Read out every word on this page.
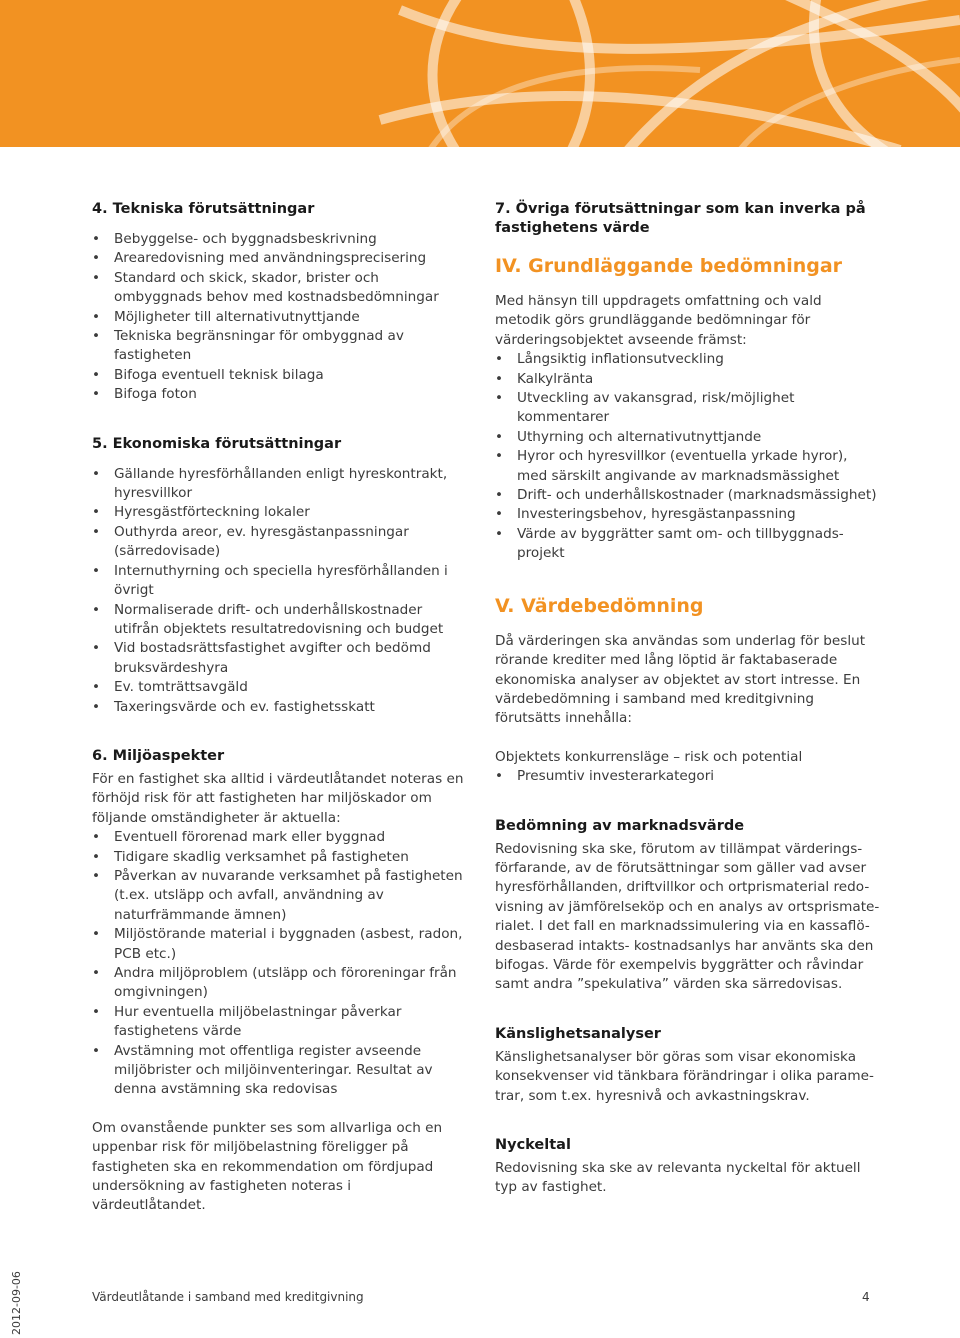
4. Tekniska förutsättningar
• Bebyggelse- och byggnadsbeskrivning
• Arearedovisning med användningsprecisering
• Standard och skick, skador, brister och ombyggnads behov med kostnadsbedömningar
• Möjligheter till alternativutnyttjande
• Tekniska begränsningar för ombyggnad av fastigheten
• Bifoga eventuell teknisk bilaga
• Bifoga foton
5. Ekonomiska förutsättningar
• Gällande hyresförhållanden enligt hyreskontrakt, hyresvillkor
• Hyresgästförteckning lokaler
• Outhyrda areor, ev. hyresgästanpassningar (särredovisade)
• Internuthyrning och speciella hyresförhållanden i övrigt
• Normaliserade drift- och underhållskostnader utifrån objektets resultatredovisning och budget
• Vid bostadsrättsfastighet avgifter och bedömd bruksvärdeshyra
• Ev. tomträttsavgäld
• Taxeringsvärde och ev. fastighetsskatt
6. Miljöaspekter

För en fastighet ska alltid i värdeutlåtandet noteras en förhöjd risk för att fastigheten har miljöskador om följande omständigheter är aktuella:

• Eventuell förorenad mark eller byggnad
• Tidigare skadlig verksamhet på fastigheten
• Påverkan av nuvarande verksamhet på fastigheten (t.ex. utsläpp och avfall, användning av naturfrämmande ämnen)
• Miljöstörande material i byggnaden (asbest, radon, PCB etc.)
• Andra miljöproblem (utsläpp och föroreningar från omgivningen)
• Hur eventuella miljöbelastningar påverkar fastighetens värde
• Avstämning mot offentliga register avseende miljöbrister och miljöinventeringar. Resultat av denna avstämning ska redovisas

Om ovanstående punkter ses som allvarliga och en uppenbar risk för miljöbelastning föreligger på fastigheten ska en rekommendation om fördjupad undersökning av fastigheten noteras i värdeutlåtandet.

7. Övriga förutsättningar som kan inverka på fastighetens värde
IV. Grundläggande bedömningar

Med hänsyn till uppdragets omfattning och vald metodik görs grundläggande bedömningar för värderingsobjektet avseende främst:

• Långsiktig inflationsutveckling
• Kalkylränta
• Utveckling av vakansgrad, risk/möjlighet kommentarer
• Uthyrning och alternativutnyttjande
• Hyror och hyresvillkor (eventuella yrkade hyror), med särskilt angivande av marknadsmässighet
• Drift- och underhållskostnader (marknadsmässighet)
• Investeringsbehov, hyresgästanpassning
• Värde av byggrätter samt om- och tillbyggnads-projekt
V. Värdebedömning

Då värderingen ska användas som underlag för beslut rörande krediter med lång löptid är faktabaserade ekonomiska analyser av objektet av stort intresse. En värdebedömning i samband med kreditgivning förutsätts innehålla:

Objektets konkurrensläge – risk och potential

• Presumtiv investerarkategori
Bedömning av marknadsvärde

Redovisning ska ske, förutom av tillämpat värderings-förfarande, av de förutsättningar som gäller vad avser hyresförhållanden, driftvillkor och ortprismaterial redo-visning av jämförelseköp och en analys av ortsprismate-rialet. I det fall en marknadssimulering via en kassaflö-desbaserad intakts- kostnadsanlys har använts ska den bifogas. Värde för exempelvis byggrätter och råvindar samt andra ”spekulativa” värden ska särredovisas.

Känslighetsanalyser

Känslighetsanalyser bör göras som visar ekonomiska konsekvenser vid tänkbara förändringar i olika parame-trar, som t.ex. hyresnivå och avkastningskrav.

Nyckeltal

Redovisning ska ske av relevanta nyckeltal för aktuell typ av fastighet.

2012-09-06	Värdeutlåtande i samband med kreditgivning	4
